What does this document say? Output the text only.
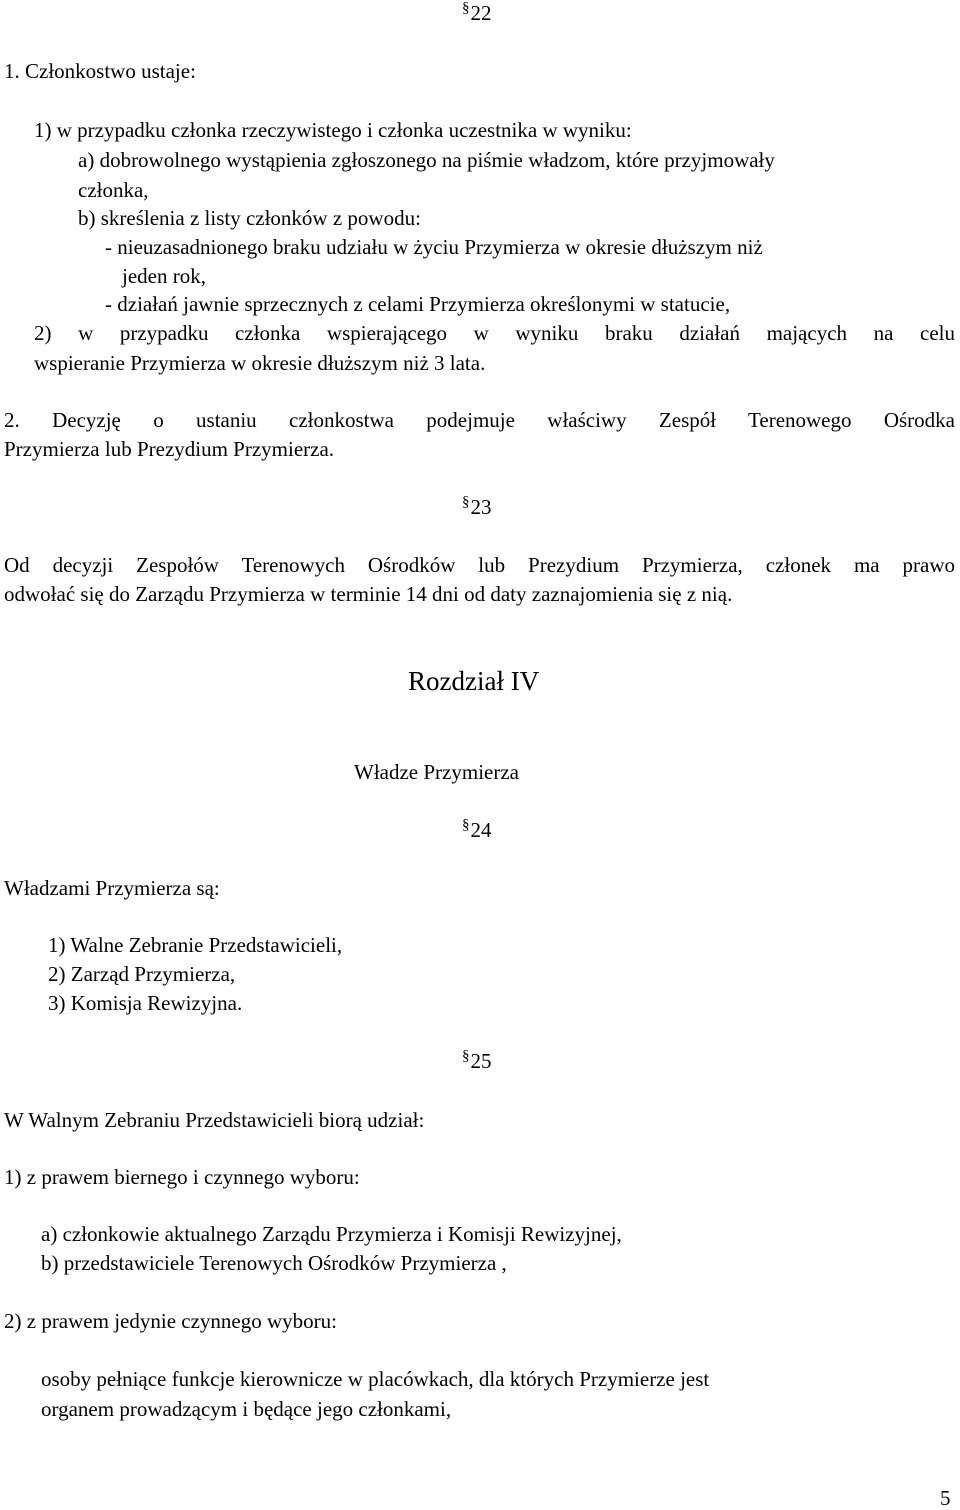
§22

1. Członkostwo ustaje:

1) w przypadku członka rzeczywistego i członka uczestnika w wyniku:

a) dobrowolnego wystąpienia zgłoszonego na piśmie władzom, które przyjmowały

członka,

b) skreślenia z listy członków z powodu:

- nieuzasadnionego braku udziału w życiu Przymierza w okresie dłuższym niż

jeden rok,

- działań jawnie sprzecznych z celami Przymierza określonymi w statucie,

2) w przypadku członka wspierającego w wyniku braku działań mających na celu

wspieranie Przymierza w okresie dłuższym niż 3 lata.

2. Decyzję o ustaniu członkostwa podejmuje właściwy Zespół Terenowego Ośrodka

Przymierza lub Prezydium Przymierza.

§23

Od decyzji Zespołów Terenowych Ośrodków lub Prezydium Przymierza, członek ma prawo

odwołać się do Zarządu Przymierza w terminie 14 dni od daty zaznajomienia się z nią.

Rozdział IV

Władze Przymierza

§24

Władzami Przymierza są:

1) Walne Zebranie Przedstawicieli,

2) Zarząd Przymierza,

3) Komisja Rewizyjna.

§25

W Walnym Zebraniu Przedstawicieli biorą udział:

1) z prawem biernego i czynnego wyboru:

a) członkowie aktualnego Zarządu Przymierza i Komisji Rewizyjnej,

b) przedstawiciele Terenowych Ośrodków Przymierza ,

2) z prawem jedynie czynnego wyboru:

osoby pełniące funkcje kierownicze w placówkach, dla których Przymierze jest

organem prowadzącym i będące jego członkami,

5
